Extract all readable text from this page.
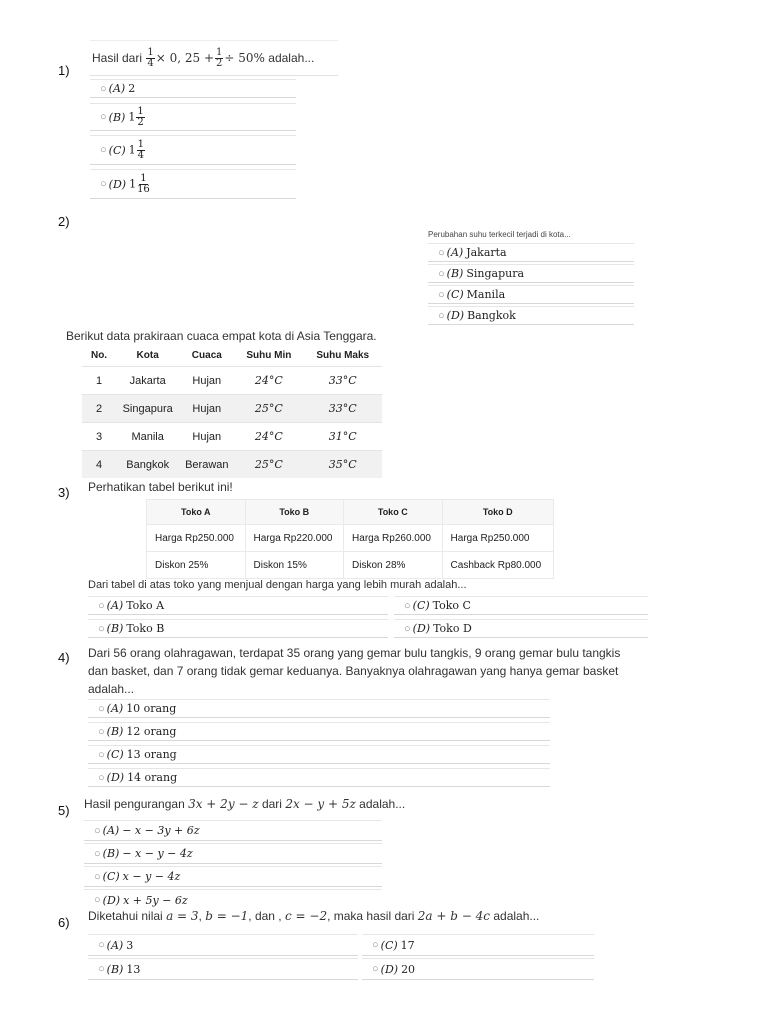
1)
Hasil dari
$\frac{1}{4} \times 0$, $25 + \frac{1}{2} \div 50\%$
adalah...
○ (A) 2
○ (B) $1 \frac{1}{2}$
○ (C) $1 \frac{1}{4}$
○ (D) $1 \frac{1}{16}$
2)
Perubahan suhu terkecil terjadi di kota...
○ (A) Jakarta
○ (B) Singapura
○ (C) Manila
○ (D) Bangkok
Berikut data prakiraan cuaca empat kota di Asia Tenggara.
No.	Kota	Cuaca	Suhu Min	Suhu Maks
1	Jakarta	Hujan	24°C	33°C
2	Singapura	Hujan	25°C	33°C
3	Manila	Hujan	24°C	31°C
4	Bangkok	Berawan	25°C	35°C
3) Perhatikan tabel berikut ini!
Toko A	Toko B	Toko C	Toko D
Harga Rp250.000	Harga Rp220.000	Harga Rp260.000	Harga Rp250.000
Diskon 25%	Diskon 15%	Diskon 28%	Cashback Rp80.000
Dari tabel di atas toko yang menjual dengan harga yang lebih murah adalah...
○ (A) Toko A
○ (B) Toko B
○ (C) Toko C
○ (D) Toko D
4) Dari 56 orang olahragawan, terdapat 35 orang yang gemar bulu tangkis, 9 orang gemar bulu tangkis
dan basket, dan 7 orang tidak gemar keduanya. Banyaknya olahragawan yang hanya gemar basket
adalah...
○ (A) 10 orang
○ (B) 12 orang
○ (C) 13 orang
○ (D) 14 orang
5) Hasil pengurangan 3x + 2y − z dari 2x − y + 5z adalah...
○ (A) − x − 3y + 6z
○ (B) − x − y − 4z
○ (C) x − y − 4z
○ (D) x + 5y − 6z
6) Diketahui nilai a = 3, b = −1, dan , c = −2, maka hasil dari 2a + b − 4c adalah...
○ (A) 3
○ (B) 13
○ (C) 17
○ (D) 20
